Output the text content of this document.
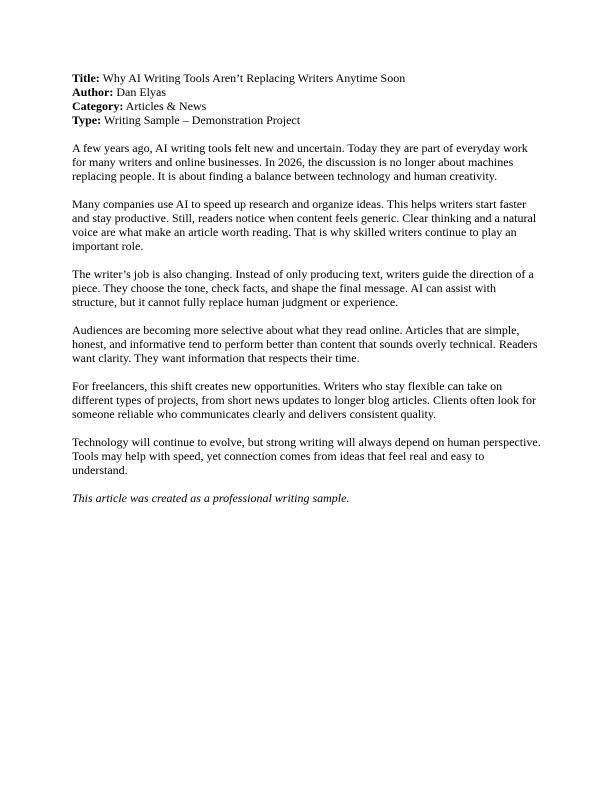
Title: Why AI Writing Tools Aren’t Replacing Writers Anytime Soon

Author: Dan Elyas

Category: Articles & News

Type: Writing Sample – Demonstration Project

A few years ago, AI writing tools felt new and uncertain. Today they are part of everyday work for many writers and online businesses. In 2026, the discussion is no longer about machines replacing people. It is about finding a balance between technology and human creativity.

Many companies use AI to speed up research and organize ideas. This helps writers start faster and stay productive. Still, readers notice when content feels generic. Clear thinking and a natural voice are what make an article worth reading. That is why skilled writers continue to play an important role.

The writer’s job is also changing. Instead of only producing text, writers guide the direction of a piece. They choose the tone, check facts, and shape the final message. AI can assist with structure, but it cannot fully replace human judgment or experience.

Audiences are becoming more selective about what they read online. Articles that are simple, honest, and informative tend to perform better than content that sounds overly technical. Readers want clarity. They want information that respects their time.

For freelancers, this shift creates new opportunities. Writers who stay flexible can take on different types of projects, from short news updates to longer blog articles. Clients often look for someone reliable who communicates clearly and delivers consistent quality.

Technology will continue to evolve, but strong writing will always depend on human perspective. Tools may help with speed, yet connection comes from ideas that feel real and easy to understand.

This article was created as a professional writing sample.
